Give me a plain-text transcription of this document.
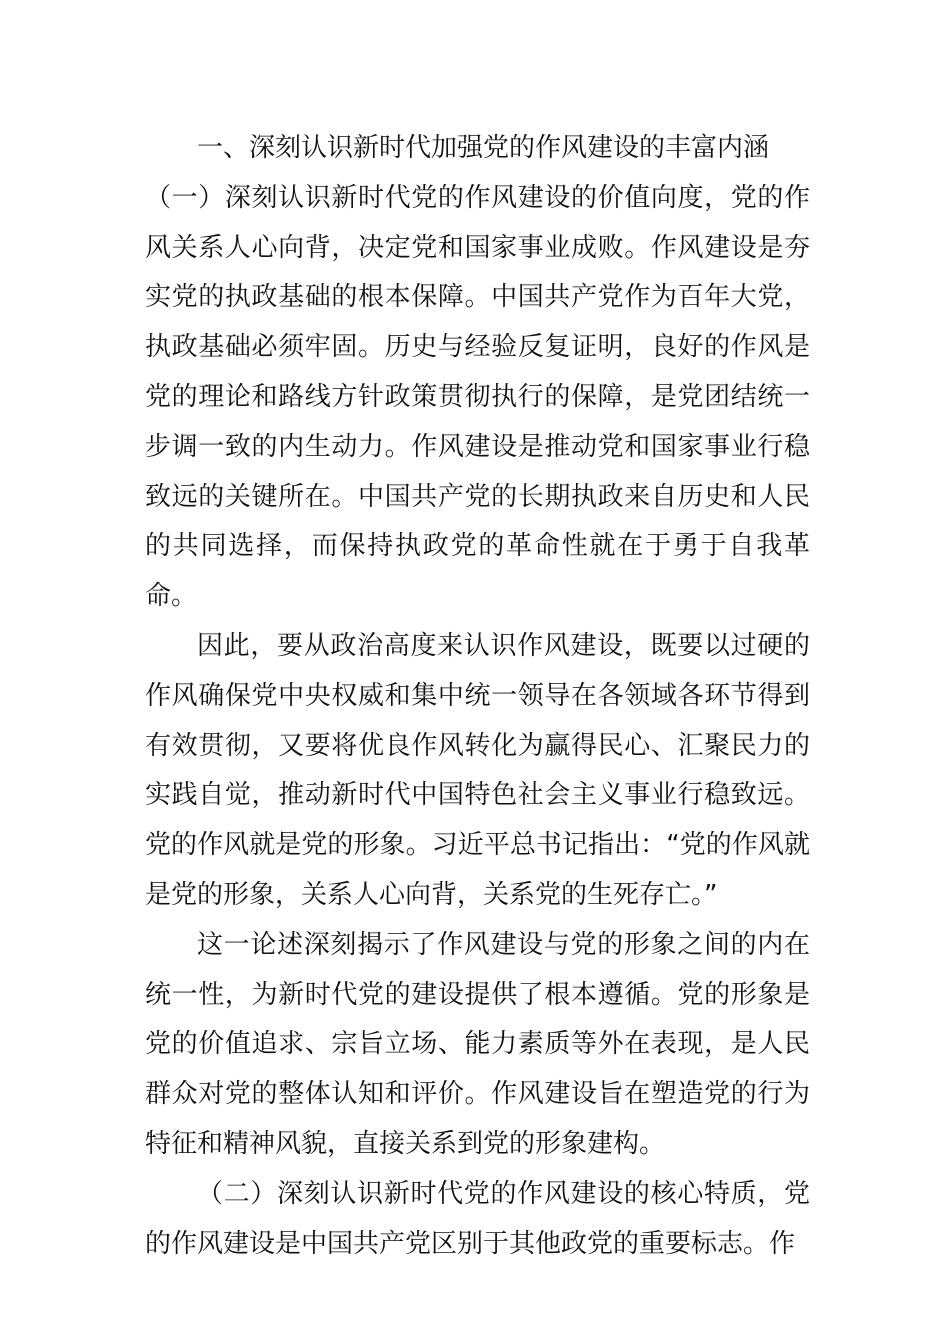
一、深刻认识新时代加强党的作风建设的丰富内涵

（一）深刻认识新时代党的作风建设的价值向度，党的作风关系人心向背，决定党和国家事业成败。作风建设是夯实党的执政基础的根本保障。中国共产党作为百年大党，执政基础必须牢固。历史与经验反复证明，良好的作风是党的理论和路线方针政策贯彻执行的保障，是党团结统一步调一致的内生动力。作风建设是推动党和国家事业行稳致远的关键所在。中国共产党的长期执政来自历史和人民的共同选择，而保持执政党的革命性就在于勇于自我革命。

因此，要从政治高度来认识作风建设，既要以过硬的作风确保党中央权威和集中统一领导在各领域各环节得到有效贯彻，又要将优良作风转化为赢得民心、汇聚民力的实践自觉，推动新时代中国特色社会主义事业行稳致远。党的作风就是党的形象。习近平总书记指出：“党的作风就是党的形象，关系人心向背，关系党的生死存亡。”

这一论述深刻揭示了作风建设与党的形象之间的内在统一性，为新时代党的建设提供了根本遵循。党的形象是党的价值追求、宗旨立场、能力素质等外在表现，是人民群众对党的整体认知和评价。作风建设旨在塑造党的行为特征和精神风貌，直接关系到党的形象建构。

（二）深刻认识新时代党的作风建设的核心特质，党的作风建设是中国共产党区别于其他政党的重要标志。作
